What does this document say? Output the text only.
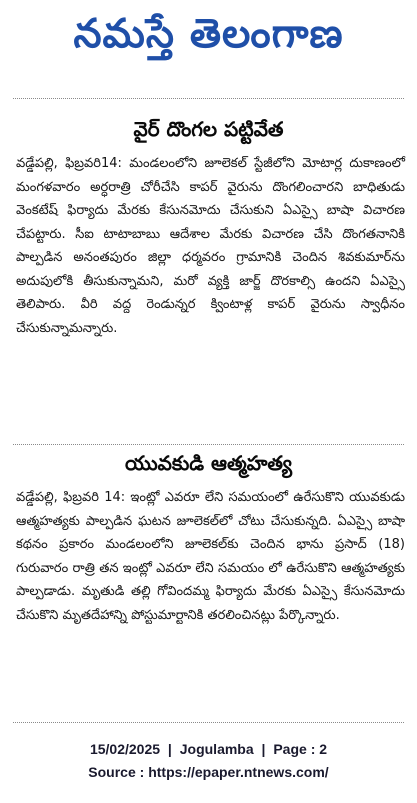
నమస్తే తెలంగాణ
వైర్ దొంగల పట్టివేత
వడ్డేపల్లి, ఫిబ్రవరి14: మండలంలోని జూలెకల్ స్టేజీలోని మోటార్ల దుకాణంలో మంగళవారం అర్ధరాత్రి చోరీచేసి కాపర్ వైరును దొంగలించారని బాధితుడు వెంకటేష్ ఫిర్యాదు మేరకు కేసునమోదు చేసుకుని ఏఎస్సై బాషా విచారణ చేపట్టారు. సీఐ టాటాబాబు ఆదేశాల మేరకు విచారణ చేసి దొంగతనానికి పాల్పడిన అనంతపురం జిల్లా ధర్మవరం గ్రామానికి చెందిన శివకుమార్‌ను అదుపులోకి తీసుకున్నామని, మరో వ్యక్తి జార్జ్ దొరకాల్సి ఉందని ఏఎస్సై తెలిపారు. వీరి వద్ద రెండున్నర క్వింటాళ్ల కాపర్ వైరును స్వాధీనం చేసుకున్నామన్నారు.
యువకుడి ఆత్మహత్య
వడ్డేపల్లి, ఫిబ్రవరి 14: ఇంట్లో ఎవరూ లేని సమయంలో ఉరేసుకొని యువకుడు ఆత్మహత్యకు పాల్పడిన ఘటన జూలెకల్‌లో చోటు చేసుకున్నది. ఏఎస్సై బాషా కథనం ప్రకారం మండలంలోని జూలెకల్‌కు చెందిన భాను ప్రసాద్ (18) గురువారం రాత్రి తన ఇంట్లో ఎవరూ లేని సమయం లో ఉరేసుకొని ఆత్మహత్యకు పాల్పడాడు. మృతుడి తల్లి గోవిందమ్మ ఫిర్యాదు మేరకు ఏఎస్సై కేసునమోదు చేసుకొని మృతదేహాన్ని పోస్టుమార్టానికి తరలించినట్లు పేర్కొన్నారు.
15/02/2025 | Jogulamba | Page : 2
Source : https://epaper.ntnews.com/
